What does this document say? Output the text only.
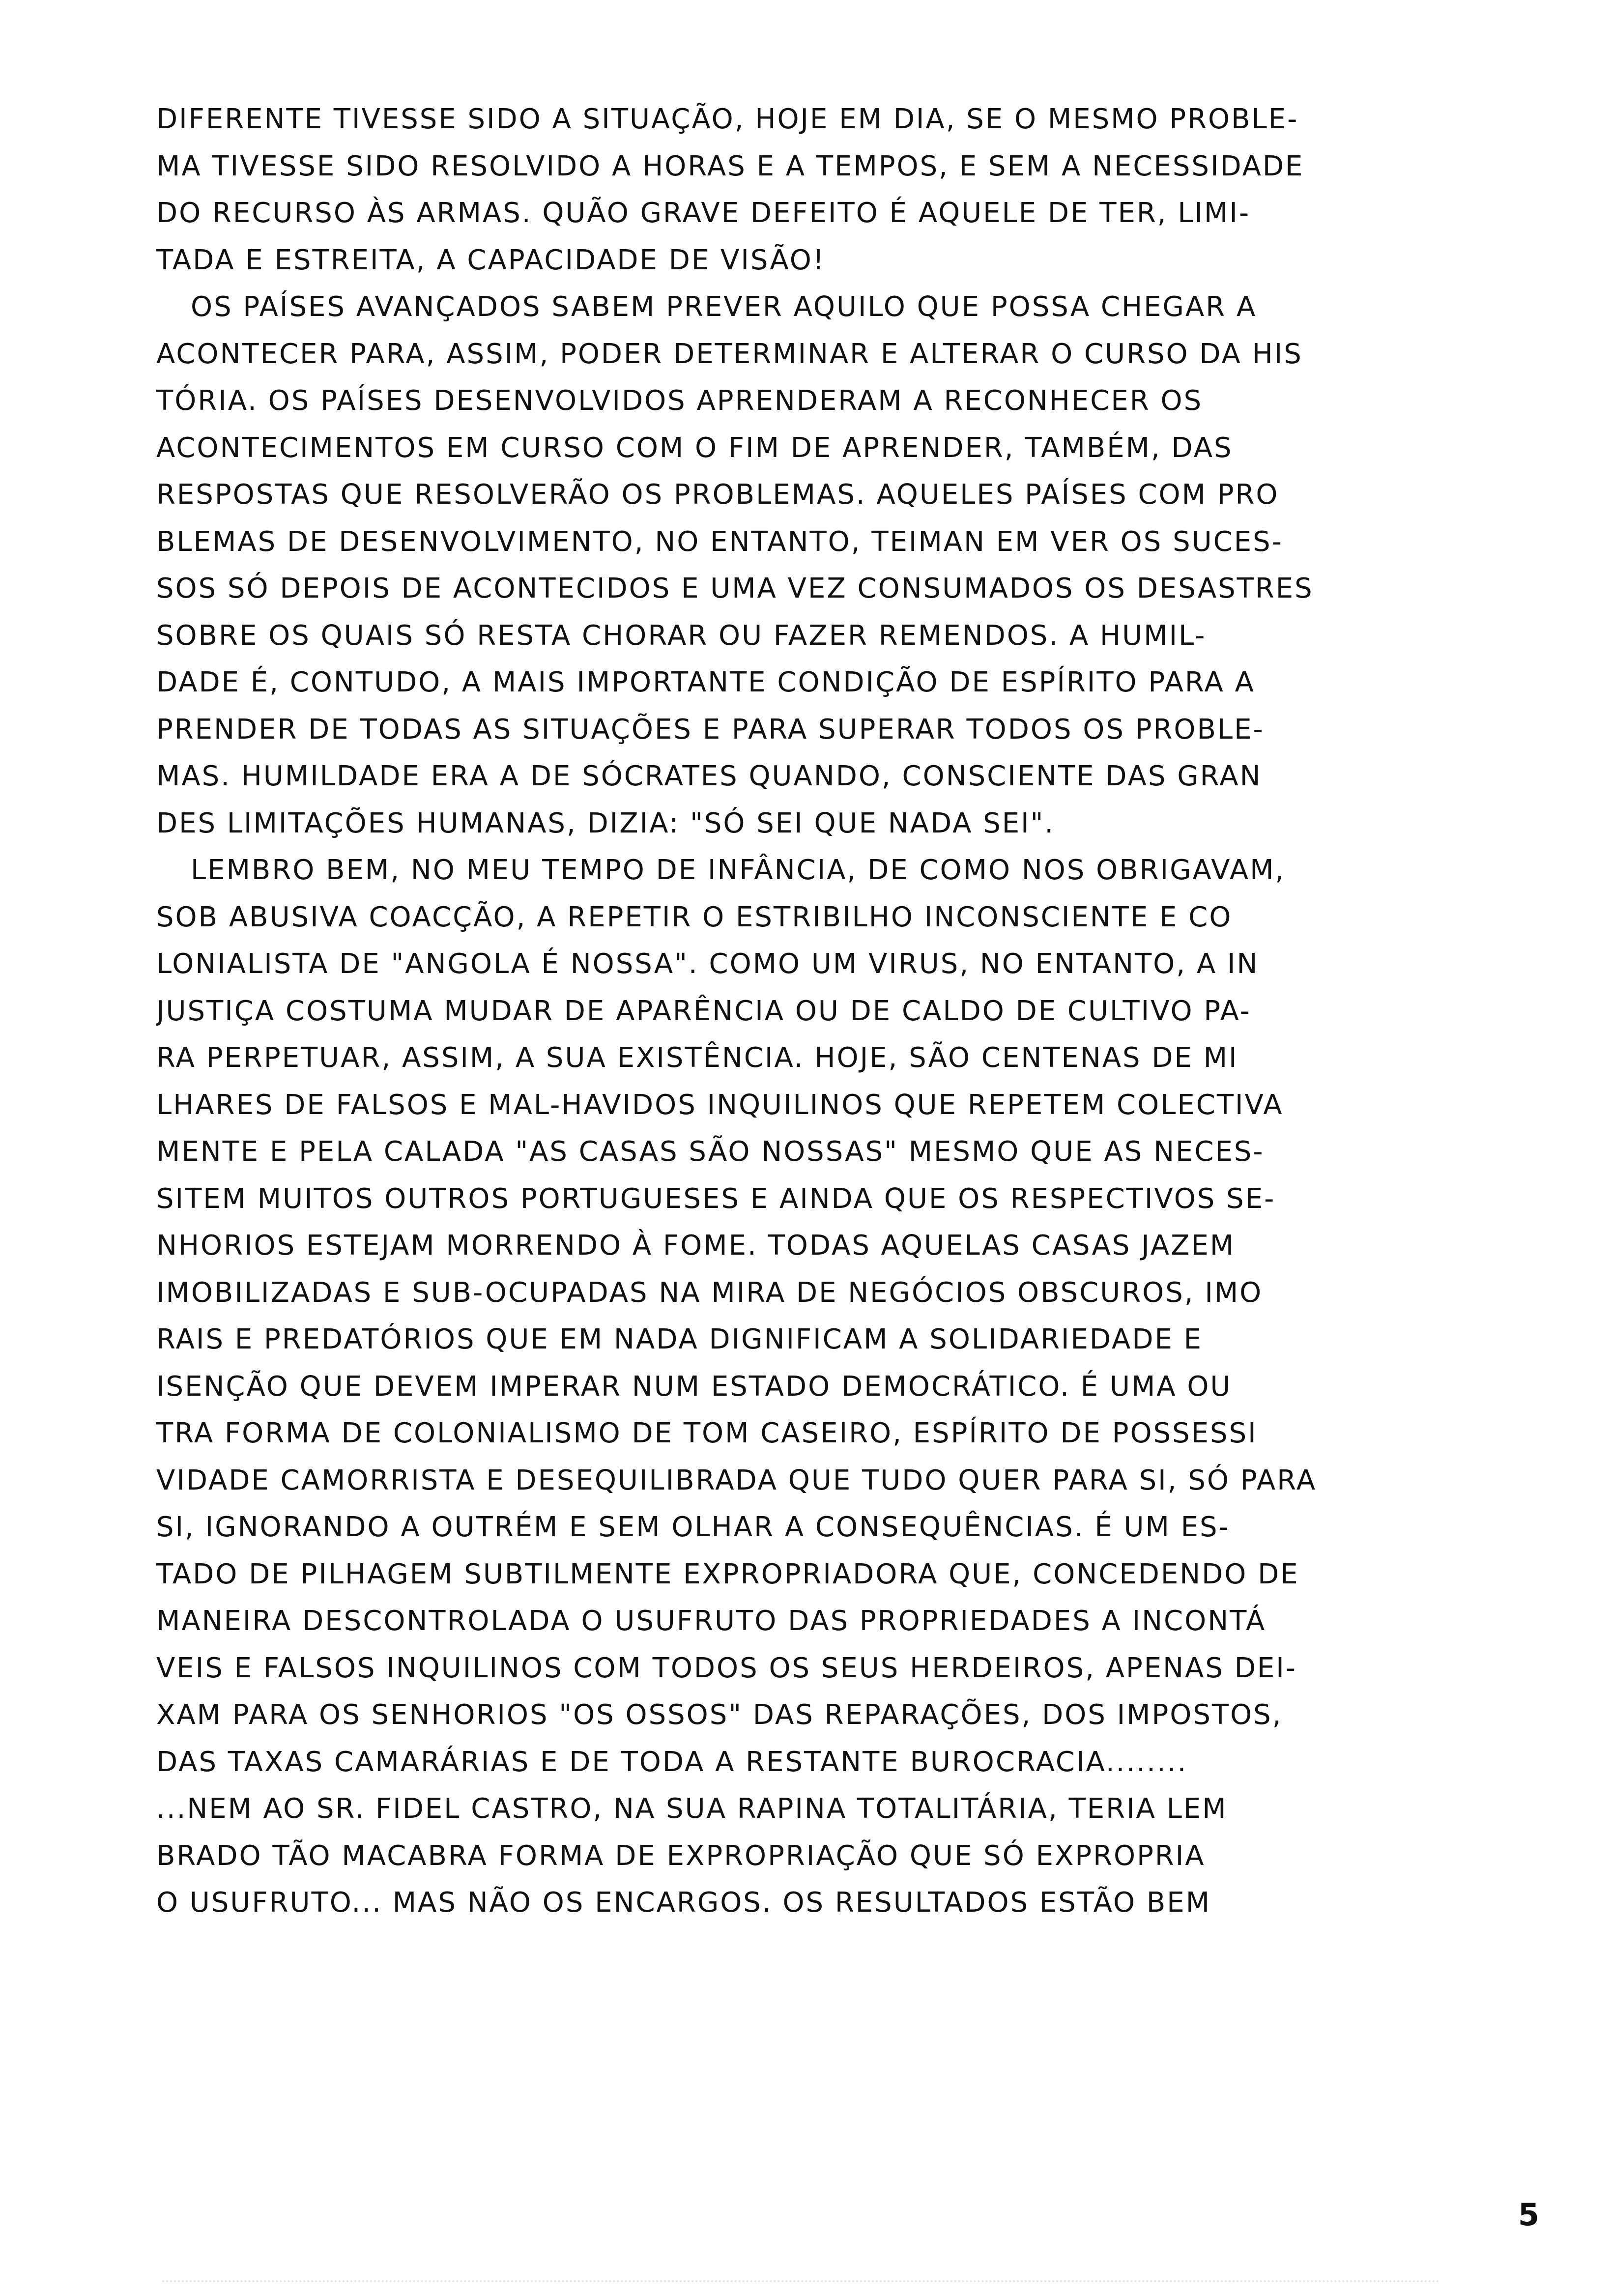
DIFERENTE TIVESSE SIDO A SITUAÇÃO, HOJE EM DIA, SE O MESMO PROBLE-
MA TIVESSE SIDO RESOLVIDO A HORAS E A TEMPOS, E SEM A NECESSIDADE
DO RECURSO ÀS ARMAS. QUÃO GRAVE DEFEITO É AQUELE DE TER, LIMI-
TADA E ESTREITA, A CAPACIDADE DE VISÃO!
OS PAÍSES AVANÇADOS SABEM PREVER AQUILO QUE POSSA CHEGAR A
ACONTECER PARA, ASSIM, PODER DETERMINAR E ALTERAR O CURSO DA HIS
TÓRIA. OS PAÍSES DESENVOLVIDOS APRENDERAM A RECONHECER OS
ACONTECIMENTOS EM CURSO COM O FIM DE APRENDER, TAMBÉM, DAS
RESPOSTAS QUE RESOLVERÃO OS PROBLEMAS. AQUELES PAÍSES COM PRO
BLEMAS DE DESENVOLVIMENTO, NO ENTANTO, TEIMAN EM VER OS SUCES-
SOS SÓ DEPOIS DE ACONTECIDOS E UMA VEZ CONSUMADOS OS DESASTRES
SOBRE OS QUAIS SÓ RESTA CHORAR OU FAZER REMENDOS. A HUMIL-
DADE É, CONTUDO, A MAIS IMPORTANTE CONDIÇÃO DE ESPÍRITO PARA A
PRENDER DE TODAS AS SITUAÇÕES E PARA SUPERAR TODOS OS PROBLE-
MAS. HUMILDADE ERA A DE SÓCRATES QUANDO, CONSCIENTE DAS GRAN
DES LIMITAÇÕES HUMANAS, DIZIA: "SÓ SEI QUE NADA SEI".
LEMBRO BEM, NO MEU TEMPO DE INFÂNCIA, DE COMO NOS OBRIGAVAM,
SOB ABUSIVA COACÇÃO, A REPETIR O ESTRIBILHO INCONSCIENTE E CO
LONIALISTA DE "ANGOLA É NOSSA". COMO UM VIRUS, NO ENTANTO, A IN
JUSTIÇA COSTUMA MUDAR DE APARÊNCIA OU DE CALDO DE CULTIVO PA-
RA PERPETUAR, ASSIM, A SUA EXISTÊNCIA. HOJE, SÃO CENTENAS DE MI
LHARES DE FALSOS E MAL-HAVIDOS INQUILINOS QUE REPETEM COLECTIVA
MENTE E PELA CALADA "AS CASAS SÃO NOSSAS" MESMO QUE AS NECES-
SITEM MUITOS OUTROS PORTUGUESES E AINDA QUE OS RESPECTIVOS SE-
NHORIOS ESTEJAM MORRENDO À FOME. TODAS AQUELAS CASAS JAZEM
IMOBILIZADAS E SUB-OCUPADAS NA MIRA DE NEGÓCIOS OBSCUROS, IMO
RAIS E PREDATÓRIOS QUE EM NADA DIGNIFICAM A SOLIDARIEDADE E
ISENÇÃO QUE DEVEM IMPERAR NUM ESTADO DEMOCRÁTICO. É UMA OU
TRA FORMA DE COLONIALISMO DE TOM CASEIRO, ESPÍRITO DE POSSESSI
VIDADE CAMORRISTA E DESEQUILIBRADA QUE TUDO QUER PARA SI, SÓ PARA
SI, IGNORANDO A OUTRÉM E SEM OLHAR A CONSEQUÊNCIAS. É UM ES-
TADO DE PILHAGEM SUBTILMENTE EXPROPRIADORA QUE, CONCEDENDO DE
MANEIRA DESCONTROLADA O USUFRUTO DAS PROPRIEDADES A INCONTÁ
VEIS E FALSOS INQUILINOS COM TODOS OS SEUS HERDEIROS, APENAS DEI-
XAM PARA OS SENHORIOS "OS OSSOS" DAS REPARAÇÕES, DOS IMPOSTOS,
DAS TAXAS CAMARÁRIAS E DE TODA A RESTANTE BUROCRACIA........
...NEM AO SR. FIDEL CASTRO, NA SUA RAPINA TOTALITÁRIA, TERIA LEM
BRADO TÃO MACABRA FORMA DE EXPROPRIAÇÃO QUE SÓ EXPROPRIA
O USUFRUTO... MAS NÃO OS ENCARGOS. OS RESULTADOS ESTÃO BEM
5
